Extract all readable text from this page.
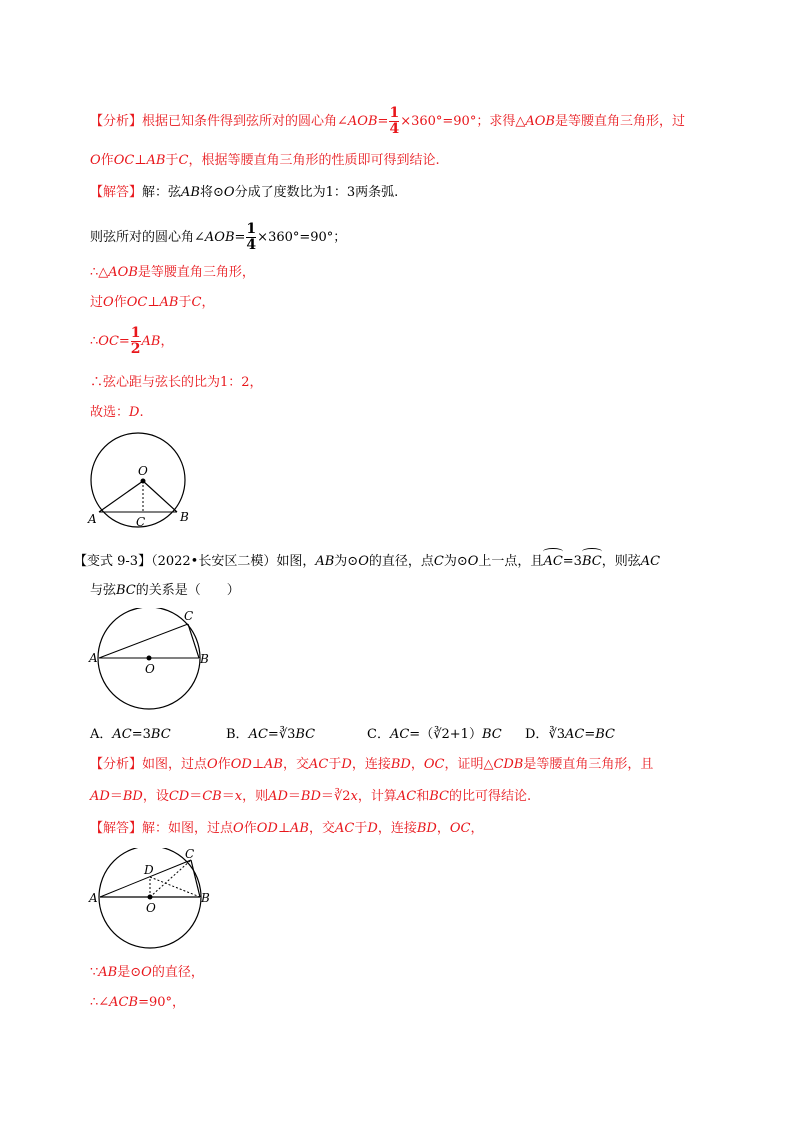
【分析】根据已知条件得到弦所对的圆心角∠AOB= $\frac{1}{4} \times 360^\circ=90^\circ$；求得△AOB是等腰直角三角形，过
O作OC⊥AB于C，根据等腰直角三角形的性质即可得到结论.
【解答】解：弦AB将⊙O分成了度数比为1：3两条弧.
则弦所对的圆心角∠AOB= $\frac{1}{4} \times 360^\circ=90^\circ$；
∴△AOB是等腰直角三角形，
过O作OC⊥AB于C，
∴OC= $\frac{1}{2}$ AB，
∴弦心距与弦长的比为1：2，
故选：D.
O
A	B
C
【变式 9-3】（2022•长安区二模）如图，AB为⊙O的直径，点C为⊙O上一点，且AC=3BC，则弦AC
与弦BC的关系是（　　）
A	B
C
O
A．AC=3BC	B．AC=∛3BC	C．AC=（∛2+1）BC D．∛3AC=BC
【分析】如图，过点O作OD⊥AB，交AC于D，连接BD，OC，证明△CDB是等腰直角三角形，且
AD＝BD，设CD＝CB＝x，则AD＝BD＝∛2x，计算AC和BC的比可得结论.
【解答】解：如图，过点O作OD⊥AB，交AC于D，连接BD，OC，
A	B
C
D
O
∵AB是⊙O的直径，
∴∠ACB=90°，
